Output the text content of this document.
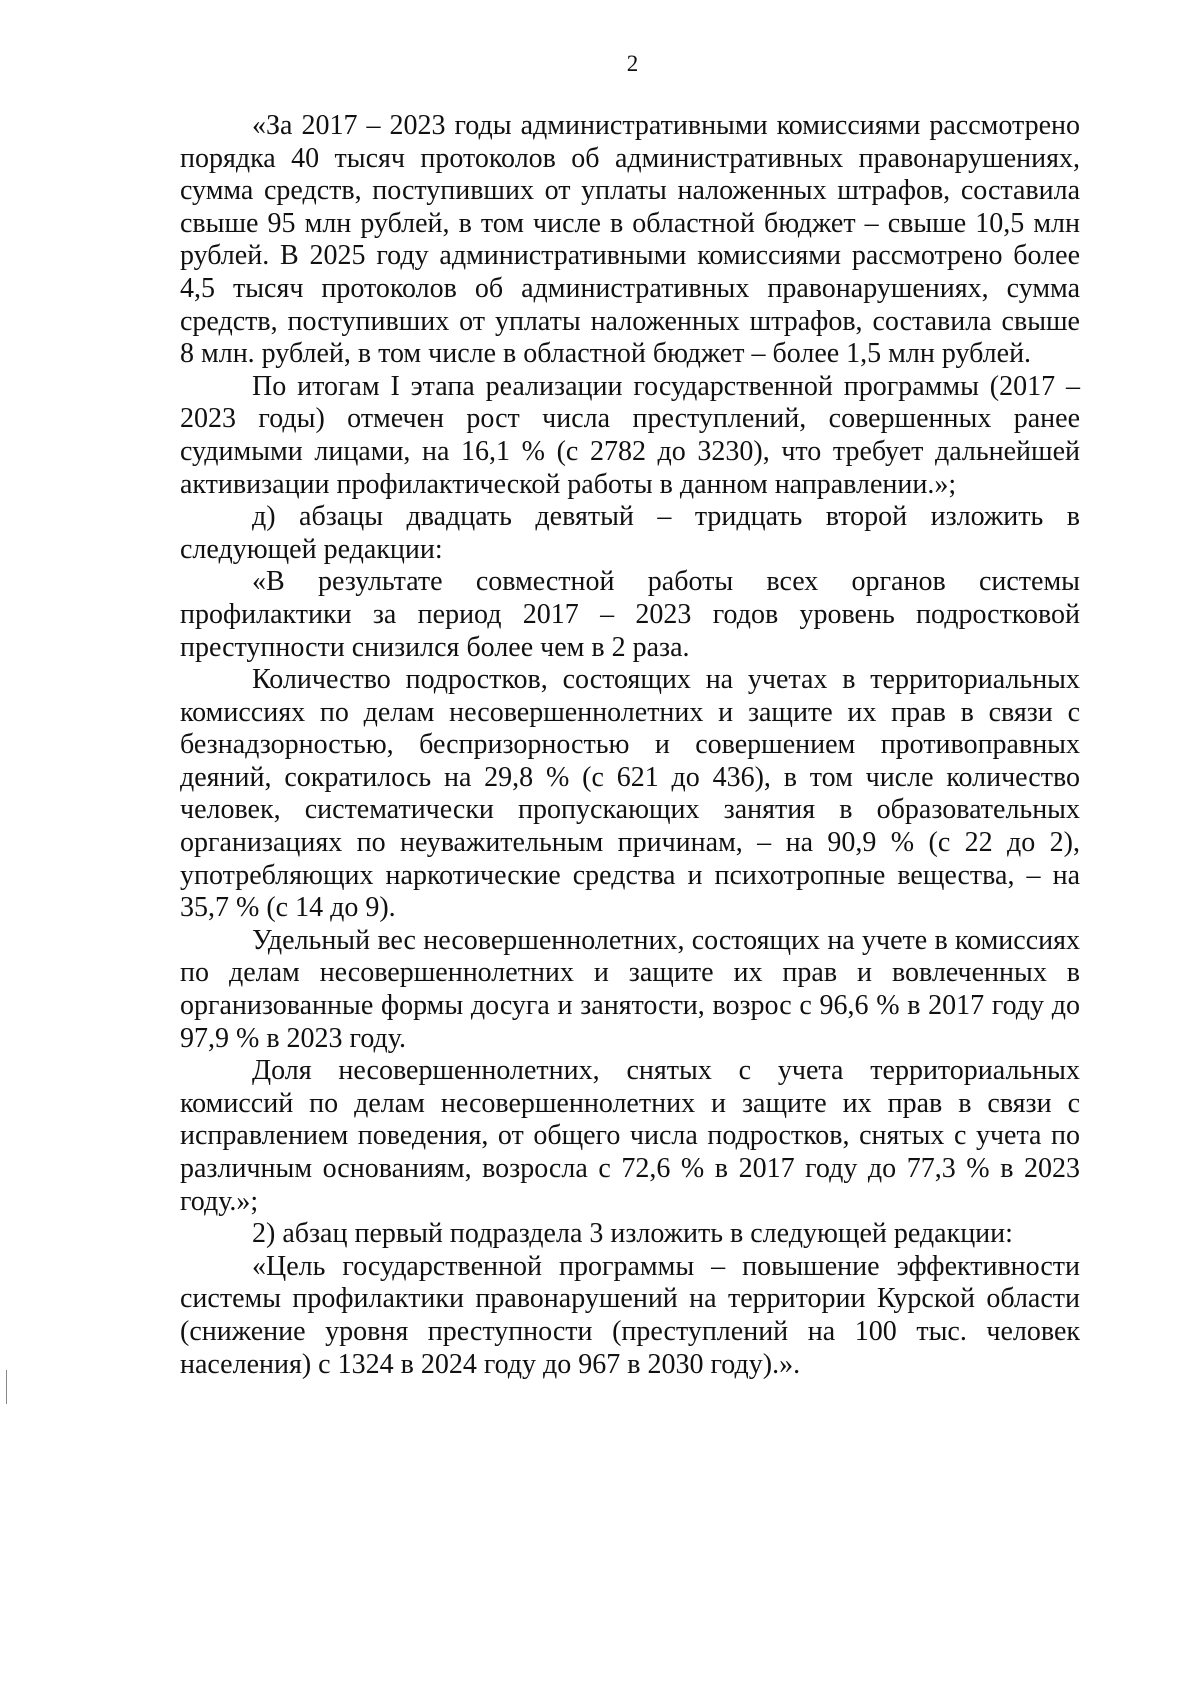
2

«За 2017 – 2023 годы административными комиссиями рассмотрено порядка 40 тысяч протоколов об административных правонарушениях, сумма средств, поступивших от уплаты наложенных штрафов, составила свыше 95 млн рублей, в том числе в областной бюджет – свыше 10,5 млн рублей. В 2025 году административными комиссиями рассмотрено более 4,5 тысяч протоколов об административных правонарушениях, сумма средств, поступивших от уплаты наложенных штрафов, составила свыше 8 млн. рублей, в том числе в областной бюджет – более 1,5 млн рублей.

По итогам I этапа реализации государственной программы (2017 – 2023 годы) отмечен рост числа преступлений, совершенных ранее судимыми лицами, на 16,1 % (с 2782 до 3230), что требует дальнейшей активизации профилактической работы в данном направлении.»;

д) абзацы двадцать девятый – тридцать второй изложить в следующей редакции:

«В результате совместной работы всех органов системы профилактики за период 2017 – 2023 годов уровень подростковой преступности снизился более чем в 2 раза.

Количество подростков, состоящих на учетах в территориальных комиссиях по делам несовершеннолетних и защите их прав в связи с безнадзорностью, беспризорностью и совершением противоправных деяний, сократилось на 29,8 % (с 621 до 436), в том числе количество человек, систематически пропускающих занятия в образовательных организациях по неуважительным причинам, – на 90,9 % (с 22 до 2), употребляющих наркотические средства и психотропные вещества, – на 35,7 % (с 14 до 9).

Удельный вес несовершеннолетних, состоящих на учете в комиссиях по делам несовершеннолетних и защите их прав и вовлеченных в организованные формы досуга и занятости, возрос с 96,6 % в 2017 году до 97,9 % в 2023 году.

Доля несовершеннолетних, снятых с учета территориальных комиссий по делам несовершеннолетних и защите их прав в связи с исправлением поведения, от общего числа подростков, снятых с учета по различным основаниям, возросла с 72,6 % в 2017 году до 77,3 % в 2023 году.»;

2) абзац первый подраздела 3 изложить в следующей редакции:

«Цель государственной программы – повышение эффективности системы профилактики правонарушений на территории Курской области (снижение уровня преступности (преступлений на 100 тыс. человек населения) с 1324 в 2024 году до 967 в 2030 году).».
